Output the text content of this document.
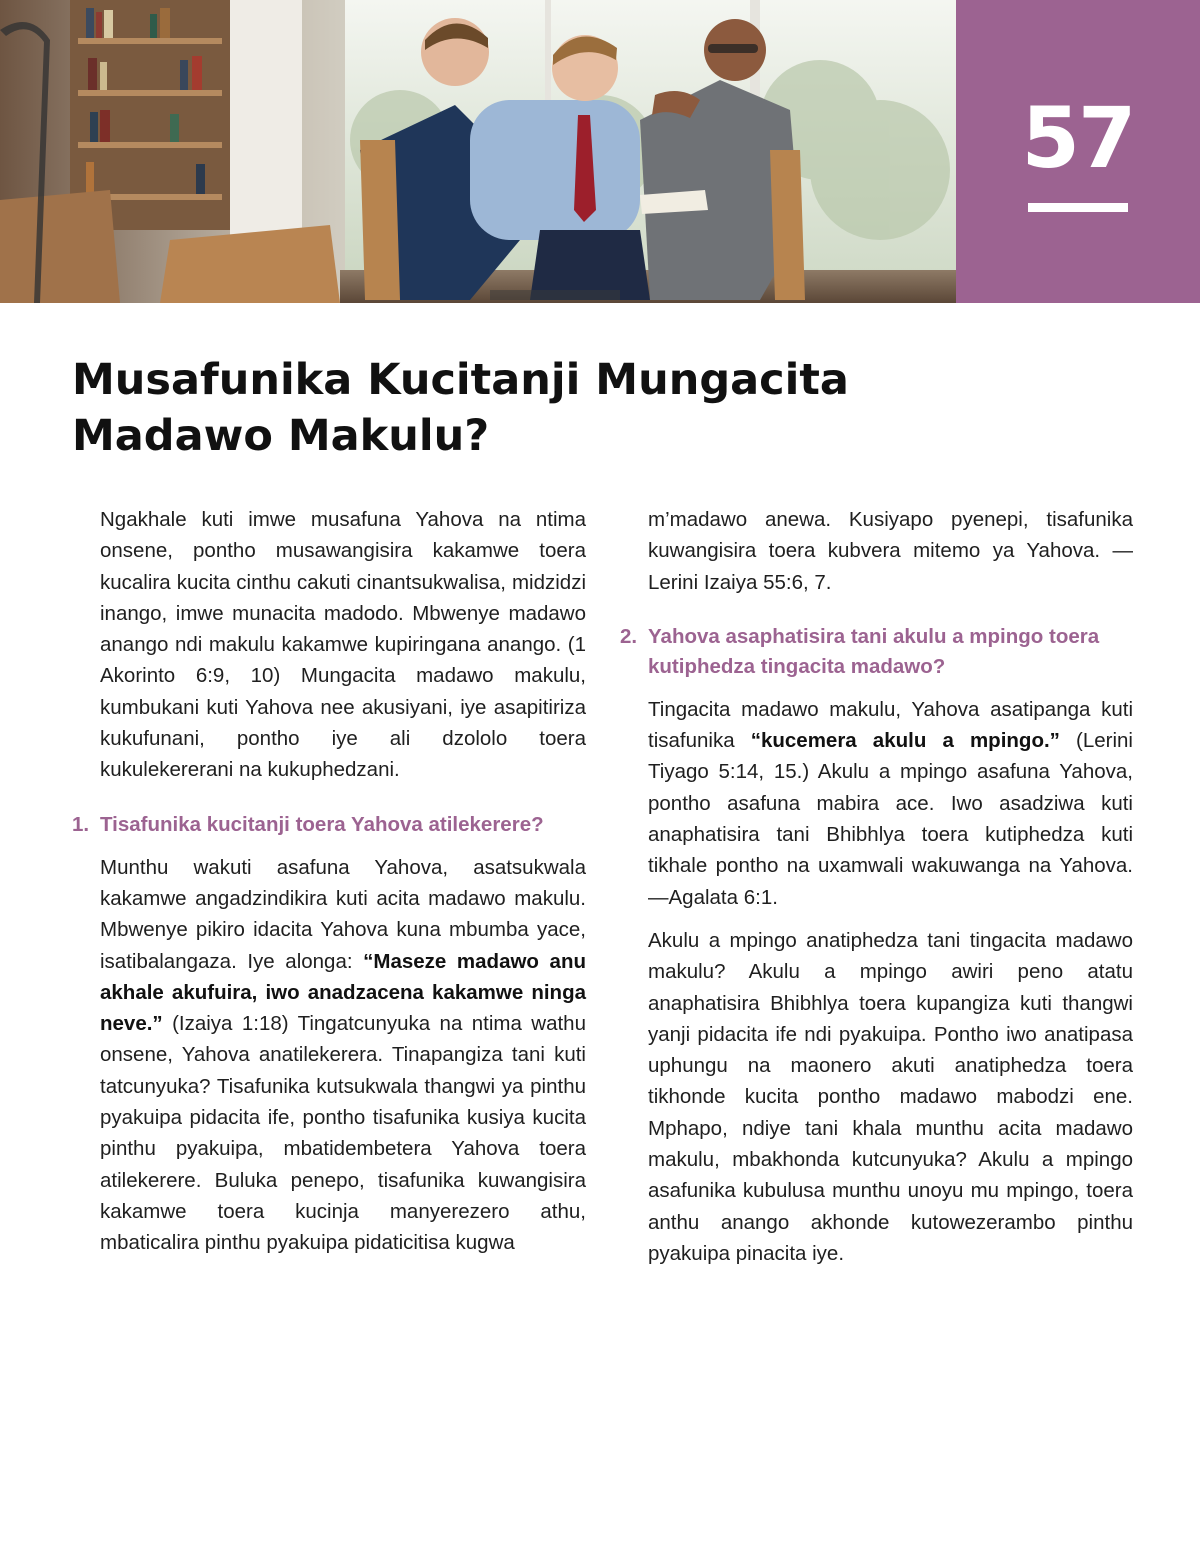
57
Musafunika Kucitanji Mungacita Madawo Makulu?

Ngakhale kuti imwe musafuna Yahova na ntima onsene, pontho musawangisira kakamwe toera kucalira kucita cinthu cakuti cinantsukwalisa, midzidzi inango, imwe munacita madodo. Mbwenye madawo anango ndi makulu kakamwe kupiringana anango. (1 Akorinto 6:9, 10) Mungacita madawo makulu, kumbukani kuti Yahova nee akusiyani, iye asapitiriza kukufunani, pontho iye ali dzololo toera kukulekererani na kukuphedzani.

1. Tisafunika kucitanji toera Yahova atilekerere?

Munthu wakuti asafuna Yahova, asatsukwala kakamwe angadzindikira kuti acita madawo makulu. Mbwenye pikiro idacita Yahova kuna mbumba yace, isatibalangaza. Iye alonga: “Maseze madawo anu akhale akufuira, iwo anadzacena kakamwe ninga neve.” (Izaiya 1:18) Tingatcunyuka na ntima wathu onsene, Yahova anatilekerera. Tinapangiza tani kuti tatcunyuka? Tisafunika kutsukwala thangwi ya pinthu pyakuipa pidacita ife, pontho tisafunika kusiya kucita pinthu pyakuipa, mbatidembetera Yahova toera atilekerere. Buluka penepo, tisafunika kuwangisira kakamwe toera kucinja manyerezero athu, mbaticalira pinthu pyakuipa pidaticitisa kugwa

m’madawo anewa. Kusiyapo pyenepi, tisafunika kuwangisira toera kubvera mitemo ya Yahova. —Lerini Izaiya 55:6, 7.

2. Yahova asaphatisira tani akulu a mpingo toera kutiphedza tingacita madawo?

Tingacita madawo makulu, Yahova asatipanga kuti tisafunika “kucemera akulu a mpingo.” (Lerini Tiyago 5:14, 15.) Akulu a mpingo asafuna Yahova, pontho asafuna mabira ace. Iwo asadziwa kuti anaphatisira tani Bhibhlya toera kutiphedza kuti tikhale pontho na uxamwali wakuwanga na Yahova.—Agalata 6:1.

Akulu a mpingo anatiphedza tani tingacita madawo makulu? Akulu a mpingo awiri peno atatu anaphatisira Bhibhlya toera kupangiza kuti thangwi yanji pidacita ife ndi pyakuipa. Pontho iwo anatipasa uphungu na maonero akuti anatiphedza toera tikhonde kucita pontho madawo mabodzi ene. Mphapo, ndiye tani khala munthu acita madawo makulu, mbakhonda kutcunyuka? Akulu a mpingo asafunika kubulusa munthu unoyu mu mpingo, toera anthu anango akhonde kutowezerambo pinthu pyakuipa pinacita iye.
